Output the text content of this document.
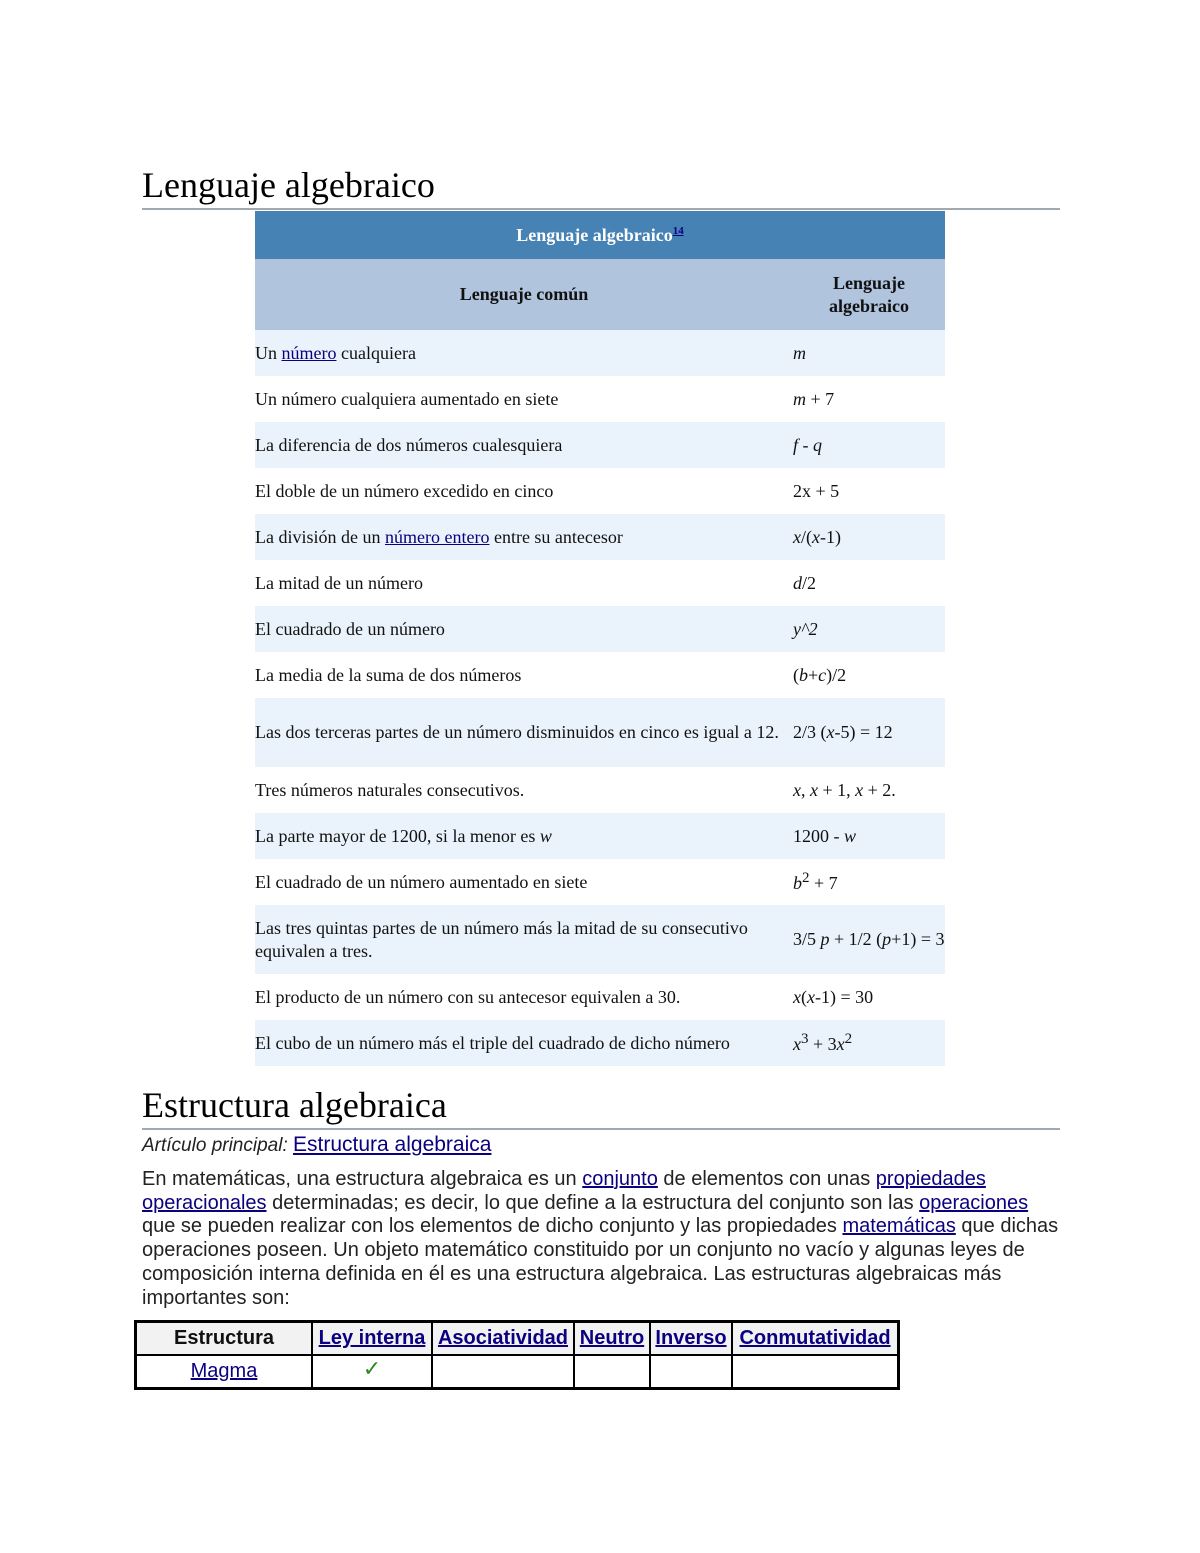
Lenguaje algebraico
Lenguaje algebraico$^{14}$
Lenguaje común	Lenguaje algebraico
Un número cualquiera	m
Un número cualquiera aumentado en siete	m + 7
La diferencia de dos números cualesquiera	f - q
El doble de un número excedido en cinco	2x + 5
La división de un número entero entre su antecesor	x/(x-1)
La mitad de un número	d/2
El cuadrado de un número	y^2
La media de la suma de dos números	(b+c)/2
Las dos terceras partes de un número disminuidos en cinco es igual a 12.	2/3 (x-5) = 12
Tres números naturales consecutivos.	x, x + 1, x + 2.
La parte mayor de 1200, si la menor es w	1200 - w
El cuadrado de un número aumentado en siete	$b^2 + 7$
Las tres quintas partes de un número más la mitad de su consecutivo equivalen a tres.	3/5 p + 1/2 (p+1) = 3
El producto de un número con su antecesor equivalen a 30.	x(x-1) = 30
El cubo de un número más el triple del cuadrado de dicho número	$x^3 + 3x^2$
Estructura algebraica
Artículo principal: Estructura algebraica

En matemáticas, una estructura algebraica es un conjunto de elementos con unas propiedades operacionales determinadas; es decir, lo que define a la estructura del conjunto son las operaciones que se pueden realizar con los elementos de dicho conjunto y las propiedades matemáticas que dichas operaciones poseen. Un objeto matemático constituido por un conjunto no vacío y algunas leyes de composición interna definida en él es una estructura algebraica. Las estructuras algebraicas más importantes son:

Estructura	Ley interna	Asociatividad	Neutro	Inverso	Conmutatividad
Magma	✓				
